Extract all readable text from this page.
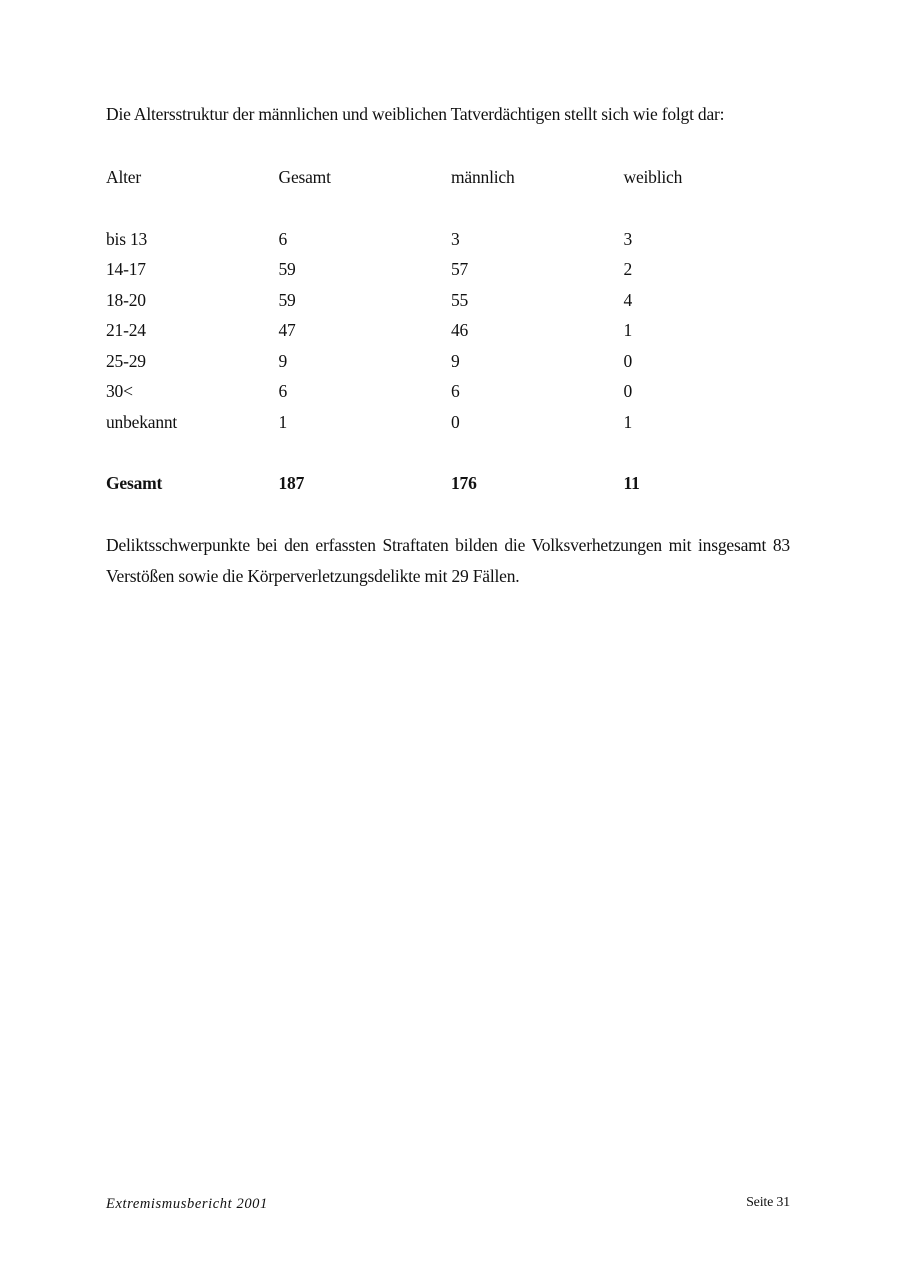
Die Altersstruktur der männlichen und weiblichen Tatverdächtigen stellt sich wie folgt dar:
Alter	Gesamt	männlich	weiblich
bis 13	6	3	3
14-17	59	57	2
18-20	59	55	4
21-24	47	46	1
25-29	9	9	0
30<	6	6	0
unbekannt	1	0	1
Gesamt	187	176	11
Deliktsschwerpunkte bei den erfassten Straftaten bilden die Volksverhetzungen mit insgesamt 83 Verstößen sowie die Körperverletzungsdelikte mit 29 Fällen.
Extremismusbericht 2001	Seite 31
